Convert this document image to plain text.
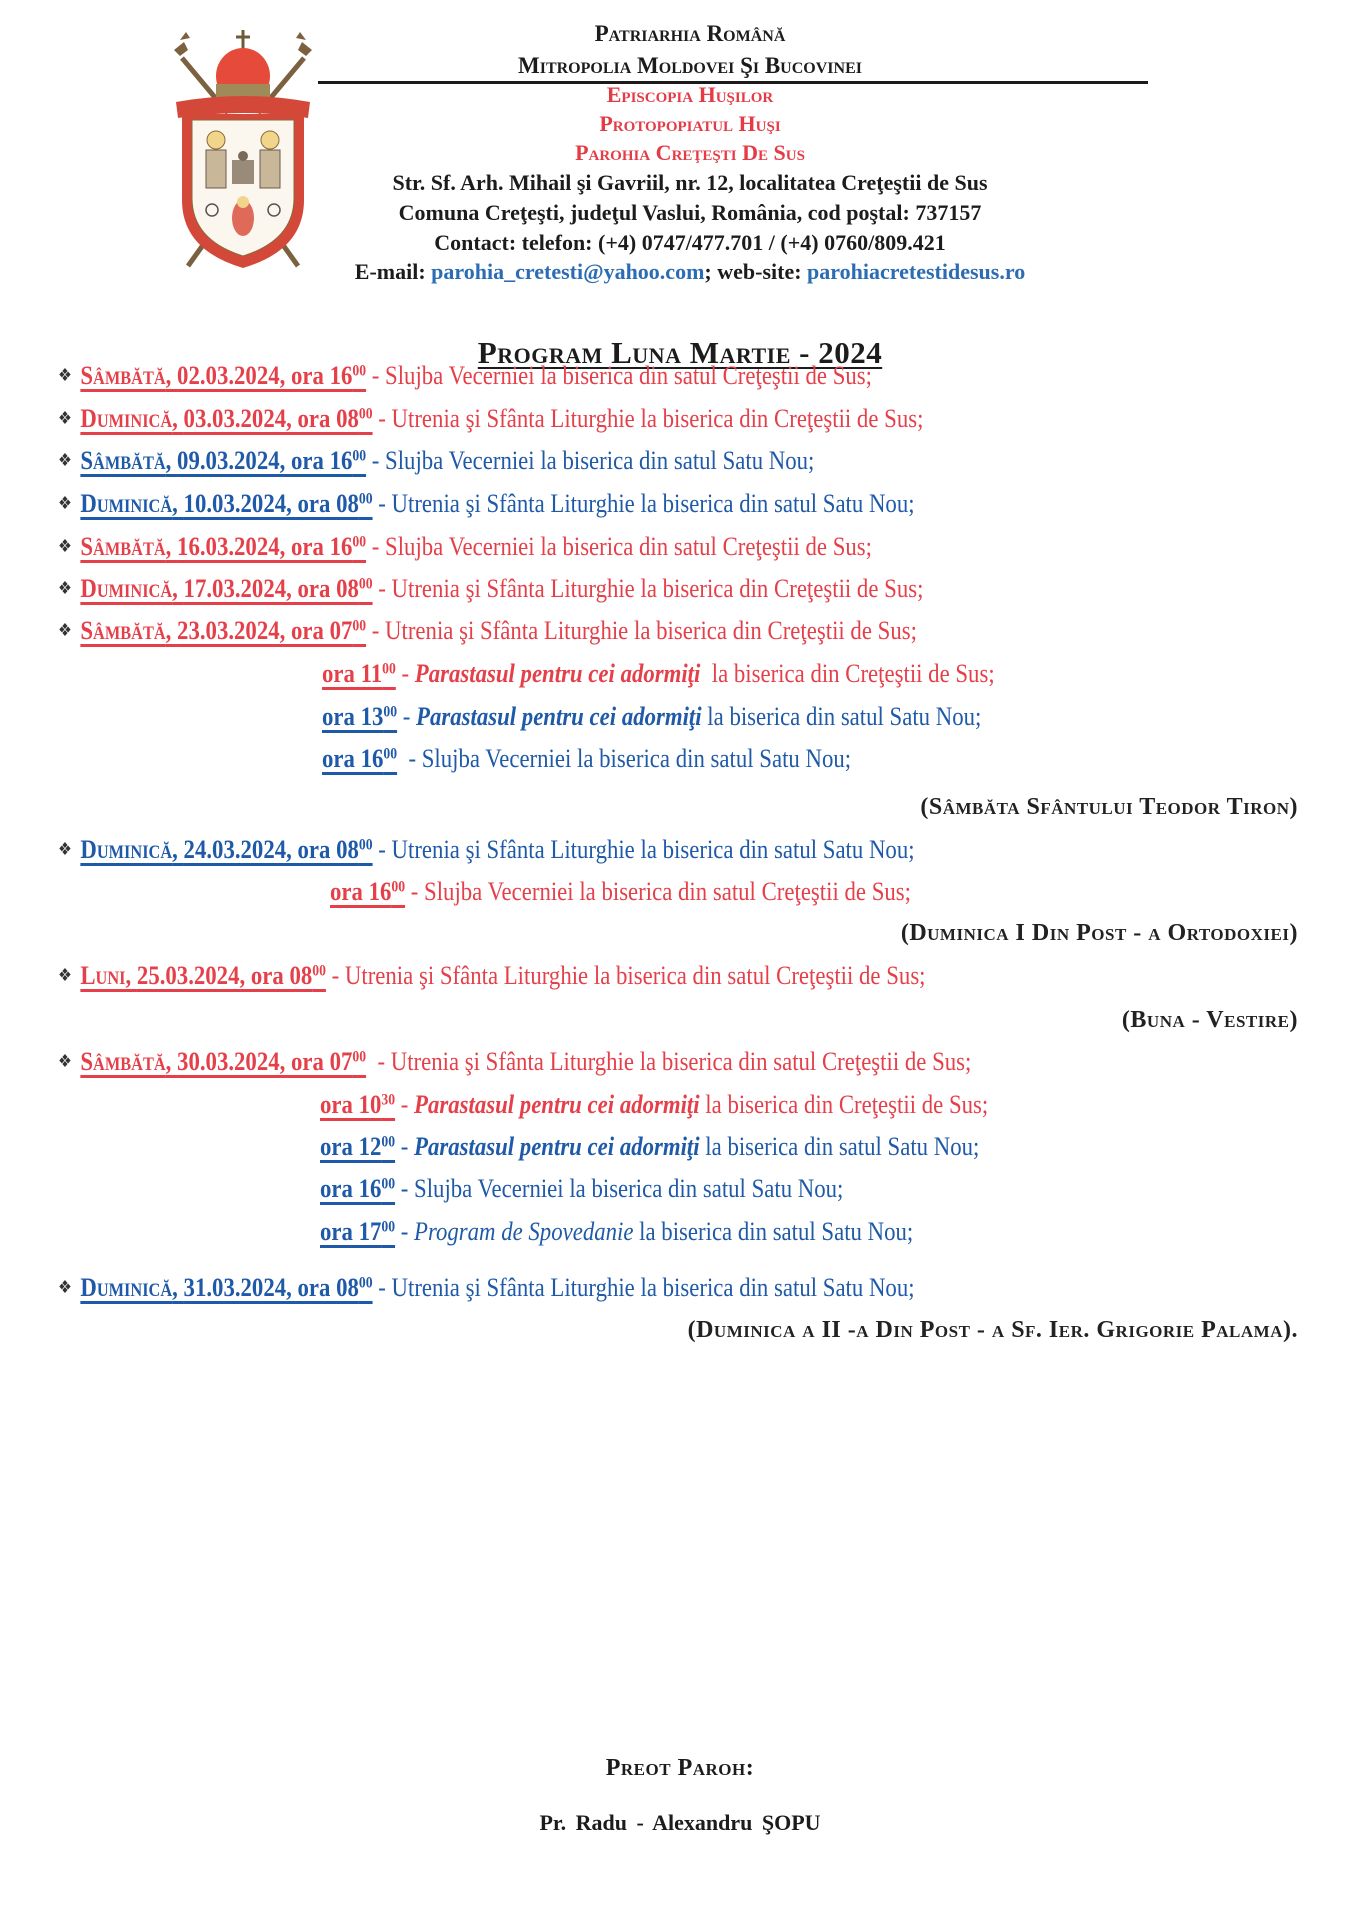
Patriarhia Română
Mitropolia Moldovei Şi Bucovinei
Episcopia Huşilor
Protopopiatul Huşi
Parohia Creţeşti De Sus
Str. Sf. Arh. Mihail şi Gavriil, nr. 12, localitatea Creţeştii de Sus
Comuna Creţeşti, judeţul Vaslui, România, cod poştal: 737157
Contact: telefon: (+4) 0747/477.701 / (+4) 0760/809.421
E-mail: parohia_cretesti@yahoo.com; web-site: parohiacretestidesus.ro
Program Luna Martie - 2024
❖ Sâmbătă, 02.03.2024, ora $16^{00}$ - Slujba Vecerniei la biserica din satul Creţeştii de Sus;
❖ Duminică, 03.03.2024, ora $08^{00}$ - Utrenia şi Sfânta Liturghie la biserica din Creţeştii de Sus;
❖ Sâmbătă, 09.03.2024, ora $16^{00}$ - Slujba Vecerniei la biserica din satul Satu Nou;
❖ Duminică, 10.03.2024, ora $08^{00}$ - Utrenia şi Sfânta Liturghie la biserica din satul Satu Nou;
❖ Sâmbătă, 16.03.2024, ora $16^{00}$ - Slujba Vecerniei la biserica din satul Creţeştii de Sus;
❖ Duminică, 17.03.2024, ora $08^{00}$ - Utrenia şi Sfânta Liturghie la biserica din Creţeştii de Sus;
❖ Sâmbătă, 23.03.2024, ora $07^{00}$ - Utrenia şi Sfânta Liturghie la biserica din Creţeştii de Sus;
ora $11^{00}$ - Parastasul pentru cei adormiţi  la biserica din Creţeştii de Sus;
ora $13^{00}$ - Parastasul pentru cei adormiţi la biserica din satul Satu Nou;
ora $16^{00}$  - Slujba Vecerniei la biserica din satul Satu Nou;
(Sâmbăta Sfântului Teodor Tiron)
❖ Duminică, 24.03.2024, ora $08^{00}$ - Utrenia şi Sfânta Liturghie la biserica din satul Satu Nou;
ora $16^{00}$ - Slujba Vecerniei la biserica din satul Creţeştii de Sus;
(Duminica I Din Post - a Ortodoxiei)
❖ Luni, 25.03.2024, ora $08^{00}$ - Utrenia şi Sfânta Liturghie la biserica din satul Creţeştii de Sus;
(Buna - Vestire)
❖ Sâmbătă, 30.03.2024, ora $07^{00}$  - Utrenia şi Sfânta Liturghie la biserica din satul Creţeştii de Sus;
ora $10^{30}$ - Parastasul pentru cei adormiţi la biserica din Creţeştii de Sus;
ora $12^{00}$ - Parastasul pentru cei adormiţi la biserica din satul Satu Nou;
ora $16^{00}$ - Slujba Vecerniei la biserica din satul Satu Nou;
ora $17^{00}$ - Program de Spovedanie la biserica din satul Satu Nou;
❖ Duminică, 31.03.2024, ora $08^{00}$ - Utrenia şi Sfânta Liturghie la biserica din satul Satu Nou;
(Duminica a II -a Din Post - a Sf. Ier. Grigorie Palama).
Preot Paroh:
Pr. Radu - Alexandru ŞOPU
